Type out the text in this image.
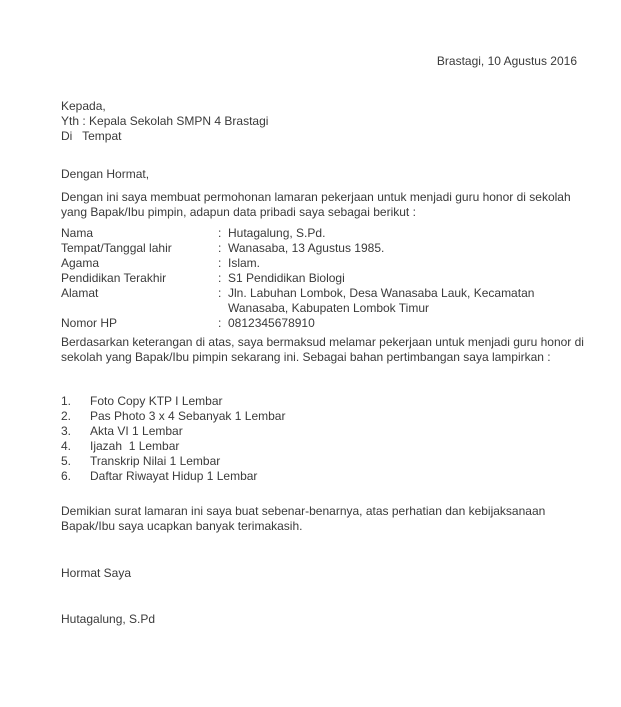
Brastagi, 10 Agustus 2016
Kepada,
Yth : Kepala Sekolah SMPN 4 Brastagi
Di   Tempat
Dengan Hormat,
Dengan ini saya membuat permohonan lamaran pekerjaan untuk menjadi guru honor di sekolah
yang Bapak/Ibu pimpin, adapun data pribadi saya sebagai berikut :
Nama	: Hutagalung, S.Pd.
Tempat/Tanggal lahir	: Wanasaba, 13 Agustus 1985.
Agama	: Islam.
Pendidikan Terakhir	: S1 Pendidikan Biologi
Alamat	: Jln. Labuhan Lombok, Desa Wanasaba Lauk, Kecamatan Wanasaba, Kabupaten Lombok Timur
Nomor HP	: 0812345678910
Berdasarkan keterangan di atas, saya bermaksud melamar pekerjaan untuk menjadi guru honor di
sekolah yang Bapak/Ibu pimpin sekarang ini. Sebagai bahan pertimbangan saya lampirkan :
1.	Foto Copy KTP I Lembar
2.	Pas Photo 3 x 4 Sebanyak 1 Lembar
3.	Akta VI 1 Lembar
4.	Ijazah  1 Lembar
5.	Transkrip Nilai 1 Lembar
6.	Daftar Riwayat Hidup 1 Lembar
Demikian surat lamaran ini saya buat sebenar-benarnya, atas perhatian dan kebijaksanaan
Bapak/Ibu saya ucapkan banyak terimakasih.
Hormat Saya
Hutagalung, S.Pd
